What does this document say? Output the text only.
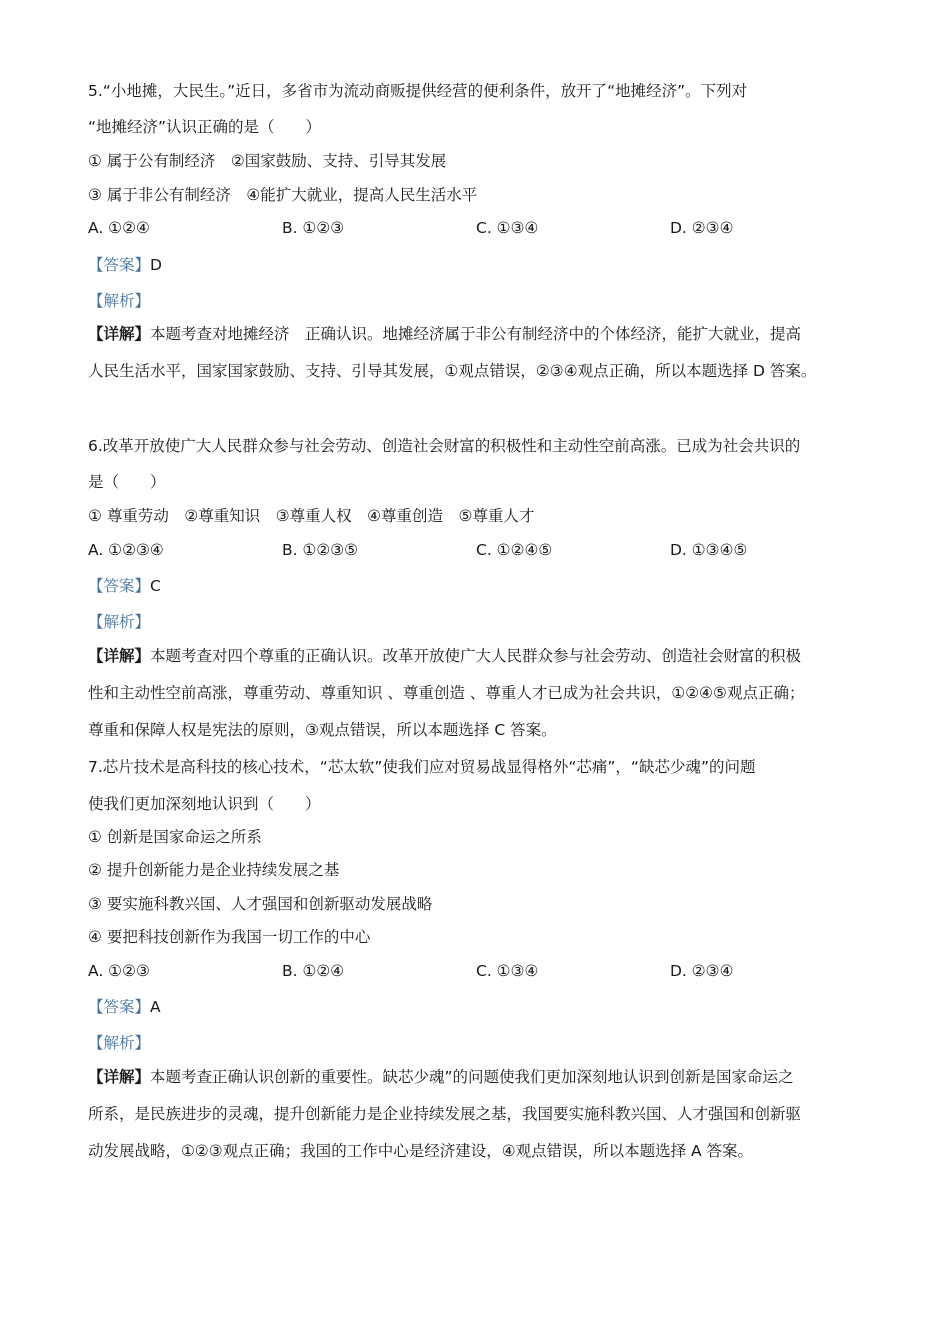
5.“小地摊，大民生。”近日，多省市为流动商贩提供经营的便利条件，放开了“地摊经济”。下列对
“地摊经济”认识正确的是（　　）
① 属于公有制经济　②国家鼓励、支持、引导其发展
③ 属于非公有制经济　④能扩大就业，提高人民生活水平
A. ①②④	B. ①②③	C. ①③④	D. ②③④
【答案】D
【解析】
【详解】本题考查对地摊经济　正确认识。地摊经济属于非公有制经济中的个体经济，能扩大就业，提高
人民生活水平，国家国家鼓励、支持、引导其发展，①观点错误，②③④观点正确，所以本题选择 D 答案。
6.改革开放使广大人民群众参与社会劳动、创造社会财富的积极性和主动性空前高涨。已成为社会共识的
是（　　）
① 尊重劳动　②尊重知识　③尊重人权　④尊重创造　⑤尊重人才
A. ①②③④	B. ①②③⑤	C. ①②④⑤	D. ①③④⑤
【答案】C
【解析】
【详解】本题考查对四个尊重的正确认识。改革开放使广大人民群众参与社会劳动、创造社会财富的积极
性和主动性空前高涨，尊重劳动、尊重知识 、尊重创造 、尊重人才已成为社会共识，①②④⑤观点正确；
尊重和保障人权是宪法的原则，③观点错误，所以本题选择 C 答案。
7.芯片技术是高科技的核心技术，“芯太软”使我们应对贸易战显得格外“芯痛”，“缺芯少魂”的问题
使我们更加深刻地认识到（　　）
① 创新是国家命运之所系
② 提升创新能力是企业持续发展之基
③ 要实施科教兴国、人才强国和创新驱动发展战略
④ 要把科技创新作为我国一切工作的中心
A. ①②③	B. ①②④	C. ①③④	D. ②③④
【答案】A
【解析】
【详解】本题考查正确认识创新的重要性。缺芯少魂”的问题使我们更加深刻地认识到创新是国家命运之
所系，是民族进步的灵魂，提升创新能力是企业持续发展之基，我国要实施科教兴国、人才强国和创新驱
动发展战略，①②③观点正确；我国的工作中心是经济建设，④观点错误，所以本题选择 A 答案。
